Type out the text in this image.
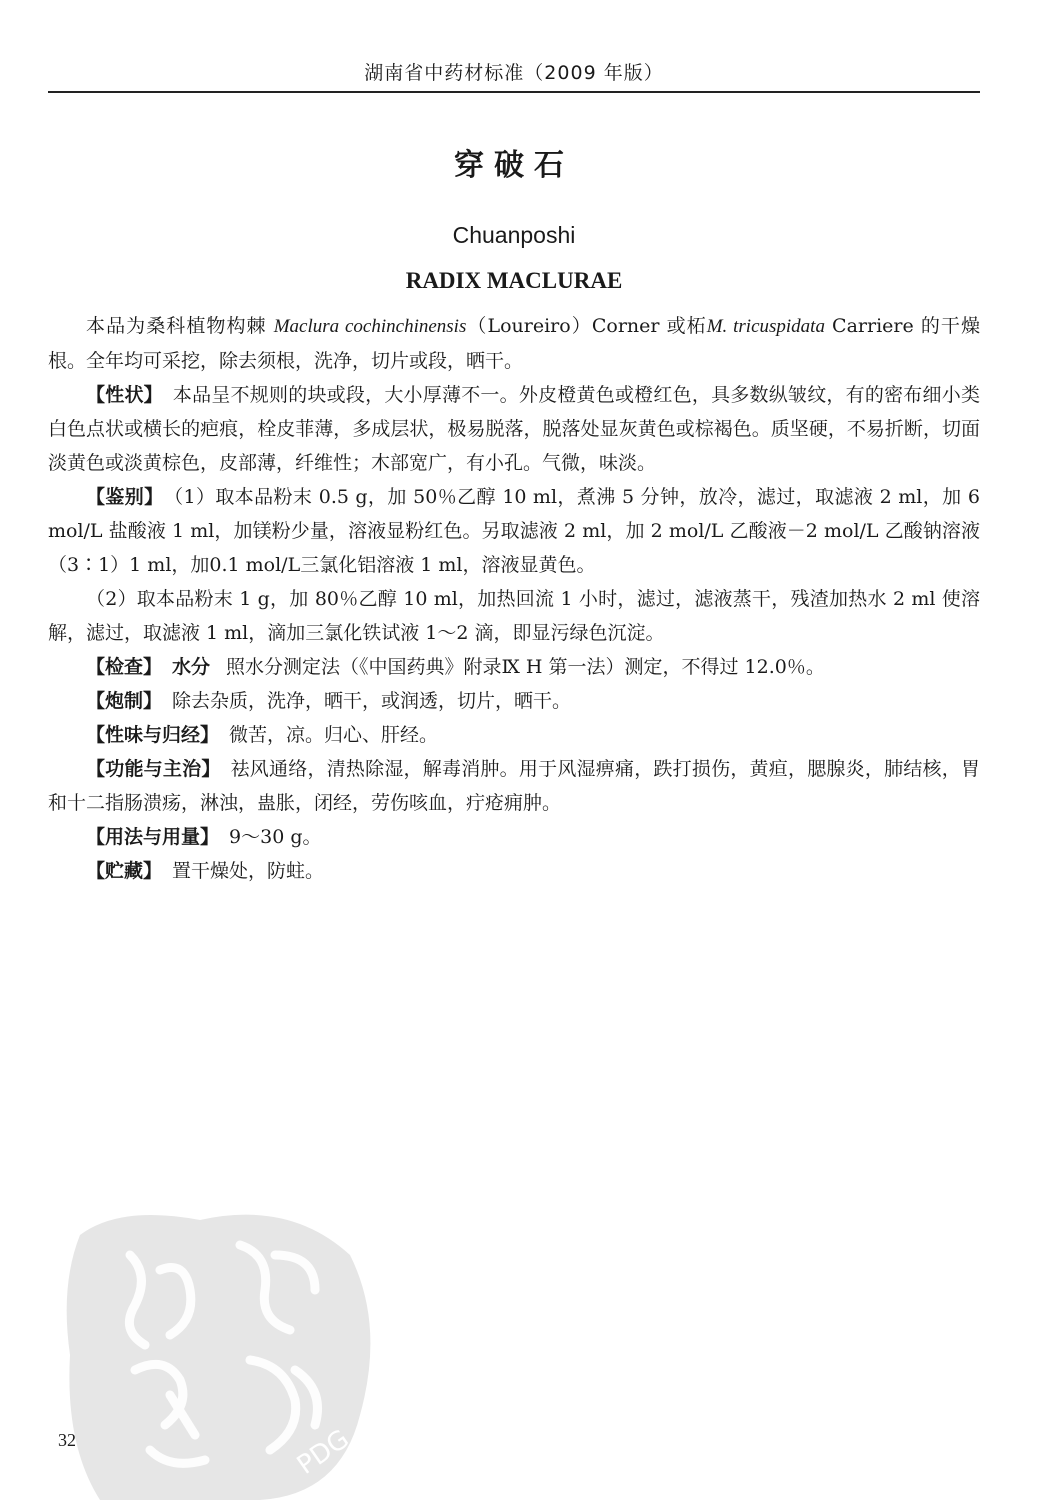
湖南省中药材标准（2009 年版）
穿破石
Chuanposhi
RADIX MACLURAE

本品为桑科植物构棘 Maclura cochinchinensis（Loureiro）Corner 或柘M. tricuspidata Carriere 的干燥根。全年均可采挖，除去须根，洗净，切片或段，晒干。

【性状】 本品呈不规则的块或段，大小厚薄不一。外皮橙黄色或橙红色，具多数纵皱纹，有的密布细小类白色点状或横长的疤痕，栓皮菲薄，多成层状，极易脱落，脱落处显灰黄色或棕褐色。质坚硬，不易折断，切面淡黄色或淡黄棕色，皮部薄，纤维性；木部宽广，有小孔。气微，味淡。

【鉴别】 （1）取本品粉末 0.5 g，加 50％乙醇 10 ml，煮沸 5 分钟，放冷，滤过，取滤液 2 ml，加 6 mol/L 盐酸液 1 ml，加镁粉少量，溶液显粉红色。另取滤液 2 ml，加 2 mol/L 乙酸液－2 mol/L 乙酸钠溶液（3∶1）1 ml，加0.1 mol/L三氯化铝溶液 1 ml，溶液显黄色。

（2）取本品粉末 1 g，加 80％乙醇 10 ml，加热回流 1 小时，滤过，滤液蒸干，残渣加热水 2 ml 使溶解，滤过，取滤液 1 ml，滴加三氯化铁试液 1～2 滴，即显污绿色沉淀。

【检查】 水分 照水分测定法（《中国药典》附录Ⅸ H 第一法）测定，不得过 12.0％。

【炮制】 除去杂质，洗净，晒干，或润透，切片，晒干。

【性味与归经】 微苦，凉。归心、肝经。

【功能与主治】 祛风通络，清热除湿，解毒消肿。用于风湿痹痛，跌打损伤，黄疸，腮腺炎，肺结核，胃和十二指肠溃疡，淋浊，蛊胀，闭经，劳伤咳血，疔疮痈肿。

【用法与用量】 9～30 g。

【贮藏】 置干燥处，防蛀。

PDG
32
